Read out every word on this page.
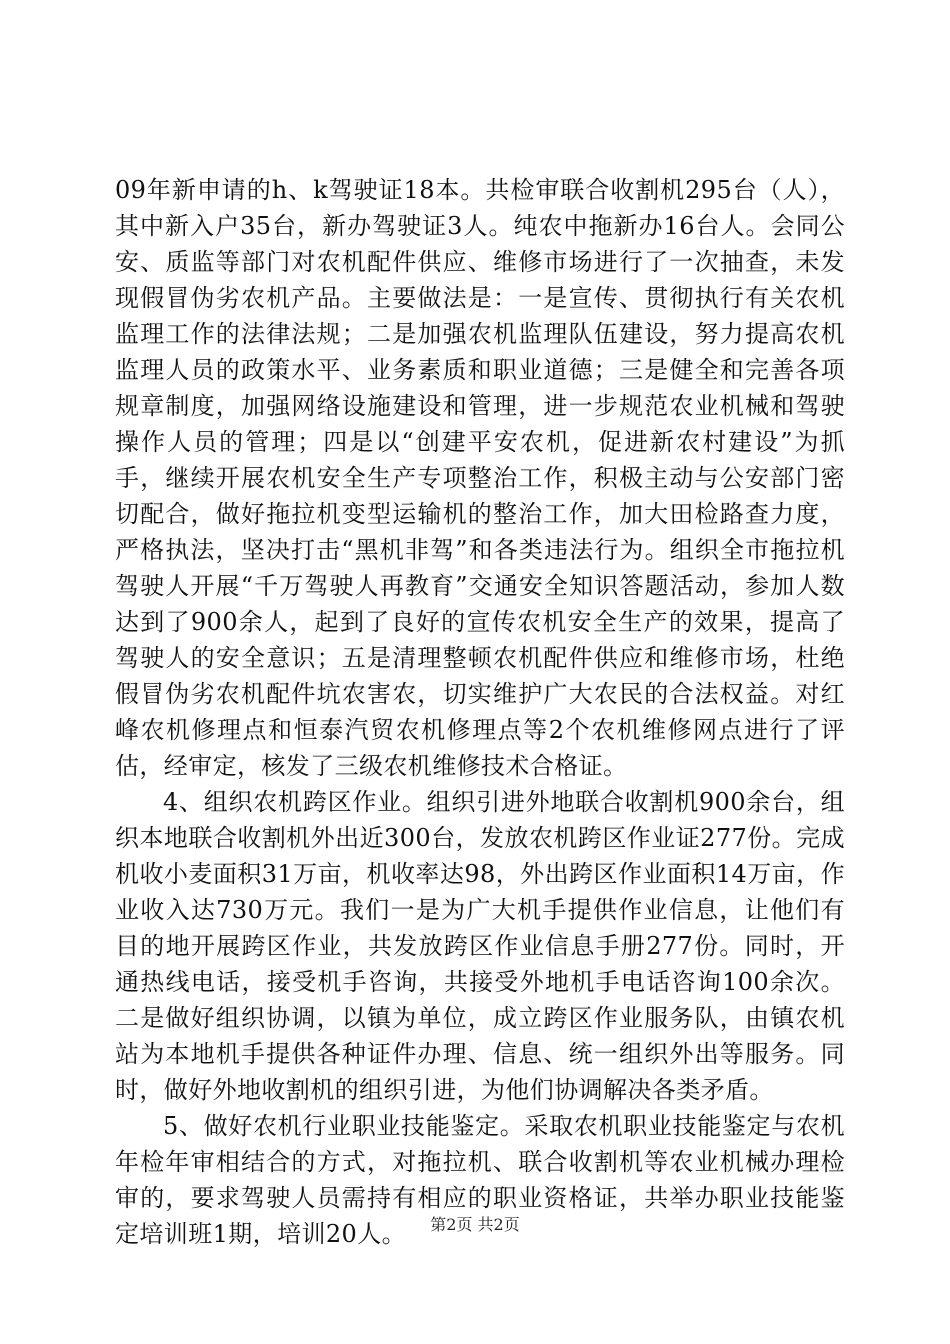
09年新申请的h、k驾驶证18本。共检审联合收割机295台（人），其中新入户35台，新办驾驶证3人。纯农中拖新办16台人。会同公安、质监等部门对农机配件供应、维修市场进行了一次抽查，未发现假冒伪劣农机产品。主要做法是：一是宣传、贯彻执行有关农机监理工作的法律法规；二是加强农机监理队伍建设，努力提高农机监理人员的政策水平、业务素质和职业道德；三是健全和完善各项规章制度，加强网络设施建设和管理，进一步规范农业机械和驾驶操作人员的管理；四是以“创建平安农机，促进新农村建设”为抓手，继续开展农机安全生产专项整治工作，积极主动与公安部门密切配合，做好拖拉机变型运输机的整治工作，加大田检路查力度，严格执法，坚决打击“黑机非驾”和各类违法行为。组织全市拖拉机驾驶人开展“千万驾驶人再教育”交通安全知识答题活动，参加人数达到了900余人，起到了良好的宣传农机安全生产的效果，提高了驾驶人的安全意识；五是清理整顿农机配件供应和维修市场，杜绝假冒伪劣农机配件坑农害农，切实维护广大农民的合法权益。对红峰农机修理点和恒泰汽贸农机修理点等2个农机维修网点进行了评估，经审定，核发了三级农机维修技术合格证。

4、组织农机跨区作业。组织引进外地联合收割机900余台，组织本地联合收割机外出近300台，发放农机跨区作业证277份。完成机收小麦面积31万亩，机收率达98，外出跨区作业面积14万亩，作业收入达730万元。我们一是为广大机手提供作业信息，让他们有目的地开展跨区作业，共发放跨区作业信息手册277份。同时，开通热线电话，接受机手咨询，共接受外地机手电话咨询100余次。二是做好组织协调，以镇为单位，成立跨区作业服务队，由镇农机站为本地机手提供各种证件办理、信息、统一组织外出等服务。同时，做好外地收割机的组织引进，为他们协调解决各类矛盾。

5、做好农机行业职业技能鉴定。采取农机职业技能鉴定与农机年检年审相结合的方式，对拖拉机、联合收割机等农业机械办理检审的，要求驾驶人员需持有相应的职业资格证，共举办职业技能鉴定培训班1期，培训20人。	第2页 共2页
